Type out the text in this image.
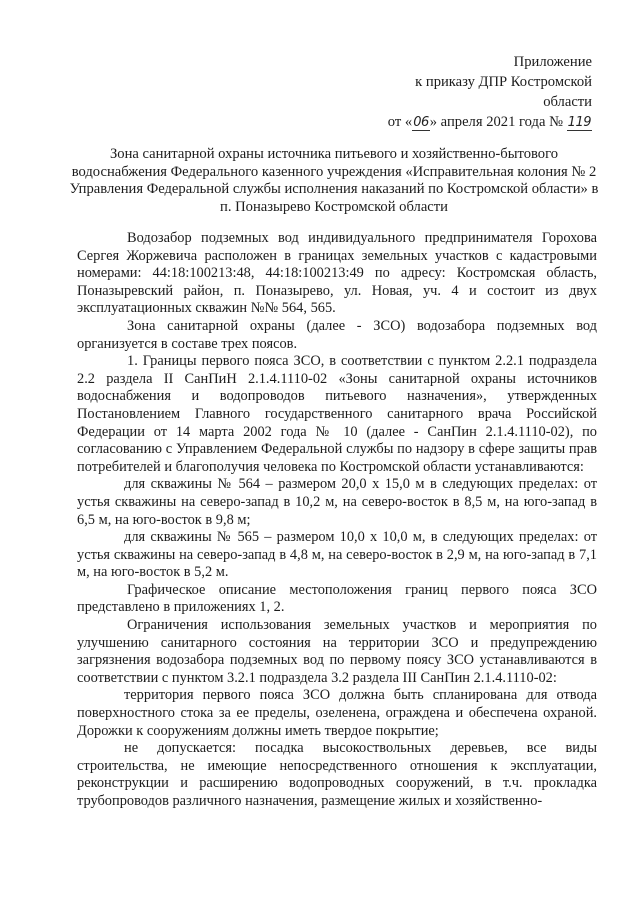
Приложение
к приказу ДПР Костромской
области
от «06» апреля 2021 года № 119
Зона санитарной охраны источника питьевого и хозяйственно-бытового водоснабжения Федерального казенного учреждения «Исправительная колония № 2 Управления Федеральной службы исполнения наказаний по Костромской области» в п. Поназырево Костромской области

Водозабор подземных вод индивидуального предпринимателя Горохова Сергея Жоржевича расположен в границах земельных участков с кадастровыми номерами: 44:18:100213:48, 44:18:100213:49 по адресу: Костромская область, Поназыревский район, п. Поназырево, ул. Новая, уч. 4 и состоит из двух эксплуатационных скважин №№ 564, 565.

Зона санитарной охраны (далее - ЗСО) водозабора подземных вод организуется в составе трех поясов.

1. Границы первого пояса ЗСО, в соответствии с пунктом 2.2.1 подраздела 2.2 раздела II СанПиН 2.1.4.1110-02 «Зоны санитарной охраны источников водоснабжения и водопроводов питьевого назначения», утвержденных Постановлением Главного государственного санитарного врача Российской Федерации от 14 марта 2002 года № 10 (далее - СанПин 2.1.4.1110-02), по согласованию с Управлением Федеральной службы по надзору в сфере защиты прав потребителей и благополучия человека по Костромской области устанавливаются:

для скважины № 564 – размером 20,0 х 15,0 м в следующих пределах: от устья скважины на северо-запад в 10,2 м, на северо-восток в 8,5 м, на юго-запад в 6,5 м, на юго-восток в 9,8 м;

для скважины № 565 – размером 10,0 х 10,0 м, в следующих пределах: от устья скважины на северо-запад в 4,8 м, на северо-восток в 2,9 м, на юго-запад в 7,1 м, на юго-восток в 5,2 м.

Графическое описание местоположения границ первого пояса ЗСО представлено в приложениях 1, 2.

Ограничения использования земельных участков и мероприятия по улучшению санитарного состояния на территории ЗСО и предупреждению загрязнения водозабора подземных вод по первому поясу ЗСО устанавливаются в соответствии с пунктом 3.2.1 подраздела 3.2 раздела III СанПин 2.1.4.1110-02:

территория первого пояса ЗСО должна быть спланирована для отвода поверхностного стока за ее пределы, озеленена, ограждена и обеспечена охраной. Дорожки к сооружениям должны иметь твердое покрытие;

не допускается: посадка высокоствольных деревьев, все виды строительства, не имеющие непосредственного отношения к эксплуатации, реконструкции и расширению водопроводных сооружений, в т.ч. прокладка трубопроводов различного назначения, размещение жилых и хозяйственно-
